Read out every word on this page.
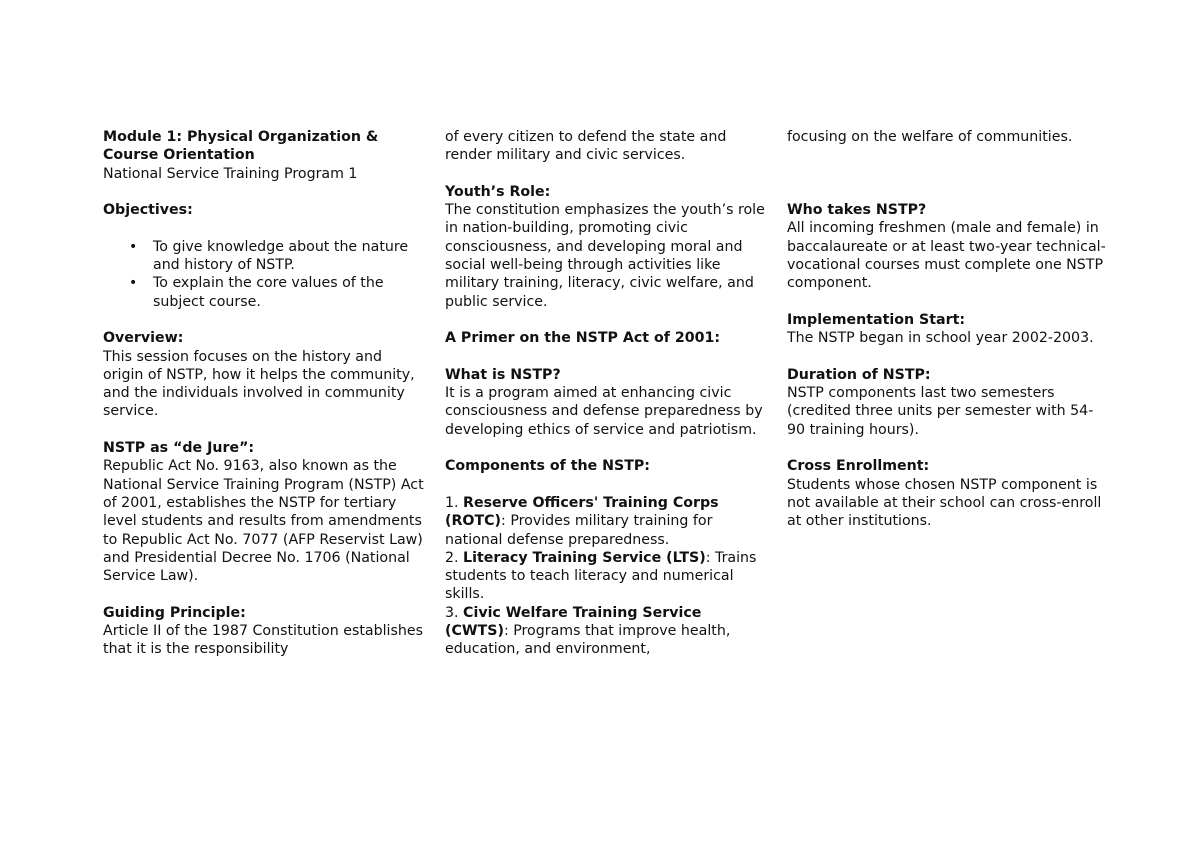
Module 1: Physical Organization & Course Orientation
National Service Training Program 1
Objectives:
• To give knowledge about the nature and history of NSTP.
• To explain the core values of the subject course.
Overview:
This session focuses on the history and origin of NSTP, how it helps the community, and the individuals involved in community service.
NSTP as “de Jure”:
Republic Act No. 9163, also known as the National Service Training Program (NSTP) Act of 2001, establishes the NSTP for tertiary level students and results from amendments to Republic Act No. 7077 (AFP Reservist Law) and Presidential Decree No. 1706 (National Service Law).
Guiding Principle:
Article II of the 1987 Constitution establishes that it is the responsibility
of every citizen to defend the state and render military and civic services.
Youth’s Role:
The constitution emphasizes the youth’s role in nation-building, promoting civic consciousness, and developing moral and social well-being through activities like military training, literacy, civic welfare, and public service.
A Primer on the NSTP Act of 2001:
What is NSTP?
It is a program aimed at enhancing civic consciousness and defense preparedness by developing ethics of service and patriotism.
Components of the NSTP:
1. Reserve Officers' Training Corps (ROTC): Provides military training for national defense preparedness.
2. Literacy Training Service (LTS): Trains students to teach literacy and numerical skills.
3. Civic Welfare Training Service (CWTS): Programs that improve health, education, and environment,
focusing on the welfare of communities.
Who takes NSTP?
All incoming freshmen (male and female) in baccalaureate or at least two-year technical-vocational courses must complete one NSTP component.
Implementation Start:
The NSTP began in school year 2002-2003.
Duration of NSTP:
NSTP components last two semesters (credited three units per semester with 54-90 training hours).
Cross Enrollment:
Students whose chosen NSTP component is not available at their school can cross-enroll at other institutions.
